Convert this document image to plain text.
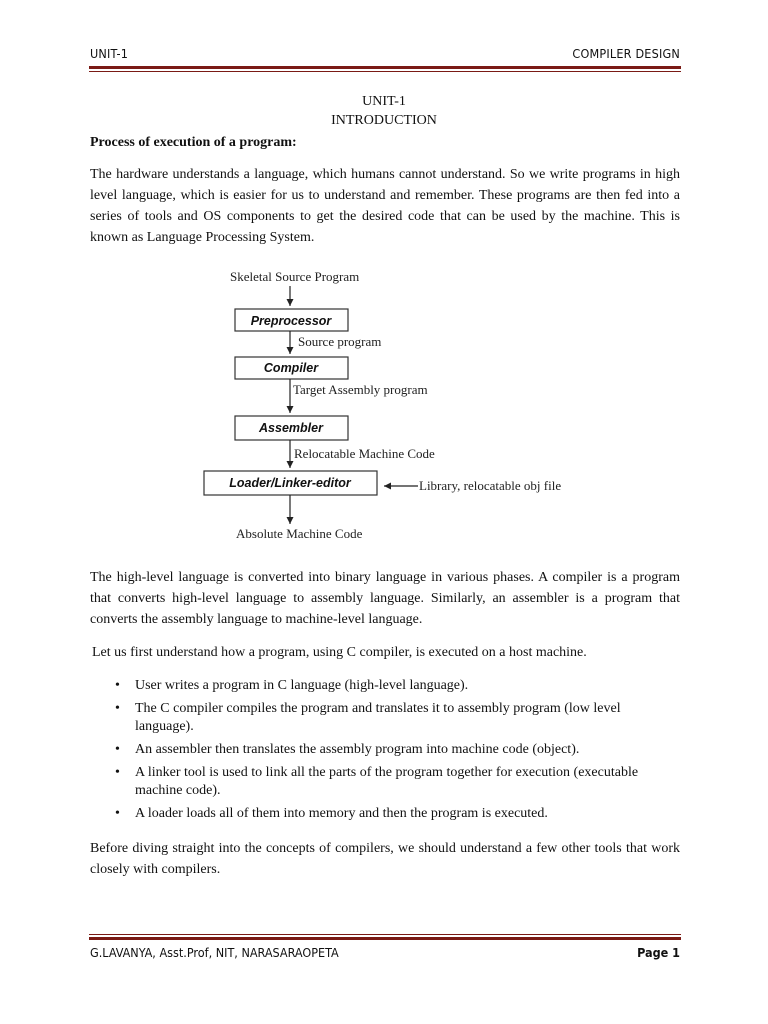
UNIT-1	COMPILER DESIGN
UNIT-1
INTRODUCTION
Process of execution of a program:
The hardware understands a language, which humans cannot understand. So we write programs in high level language, which is easier for us to understand and remember. These programs are then fed into a series of tools and OS components to get the desired code that can be used by the machine. This is known as Language Processing System.
Skeletal Source Program
Preprocessor
Source program
Compiler
Target Assembly program
Assembler
Relocatable Machine Code
Loader/Linker-editor	Library, relocatable obj file
Absolute Machine Code
The high-level language is converted into binary language in various phases. A compiler is a program that converts high-level language to assembly language. Similarly, an assembler is a program that converts the assembly language to machine-level language.
Let us first understand how a program, using C compiler, is executed on a host machine.
• User writes a program in C language (high-level language).
• The C compiler compiles the program and translates it to assembly program (low level language).
• An assembler then translates the assembly program into machine code (object).
• A linker tool is used to link all the parts of the program together for execution (executable machine code).
• A loader loads all of them into memory and then the program is executed.
Before diving straight into the concepts of compilers, we should understand a few other tools that work closely with compilers.
G.LAVANYA, Asst.Prof, NIT, NARASARAOPETA	Page 1
